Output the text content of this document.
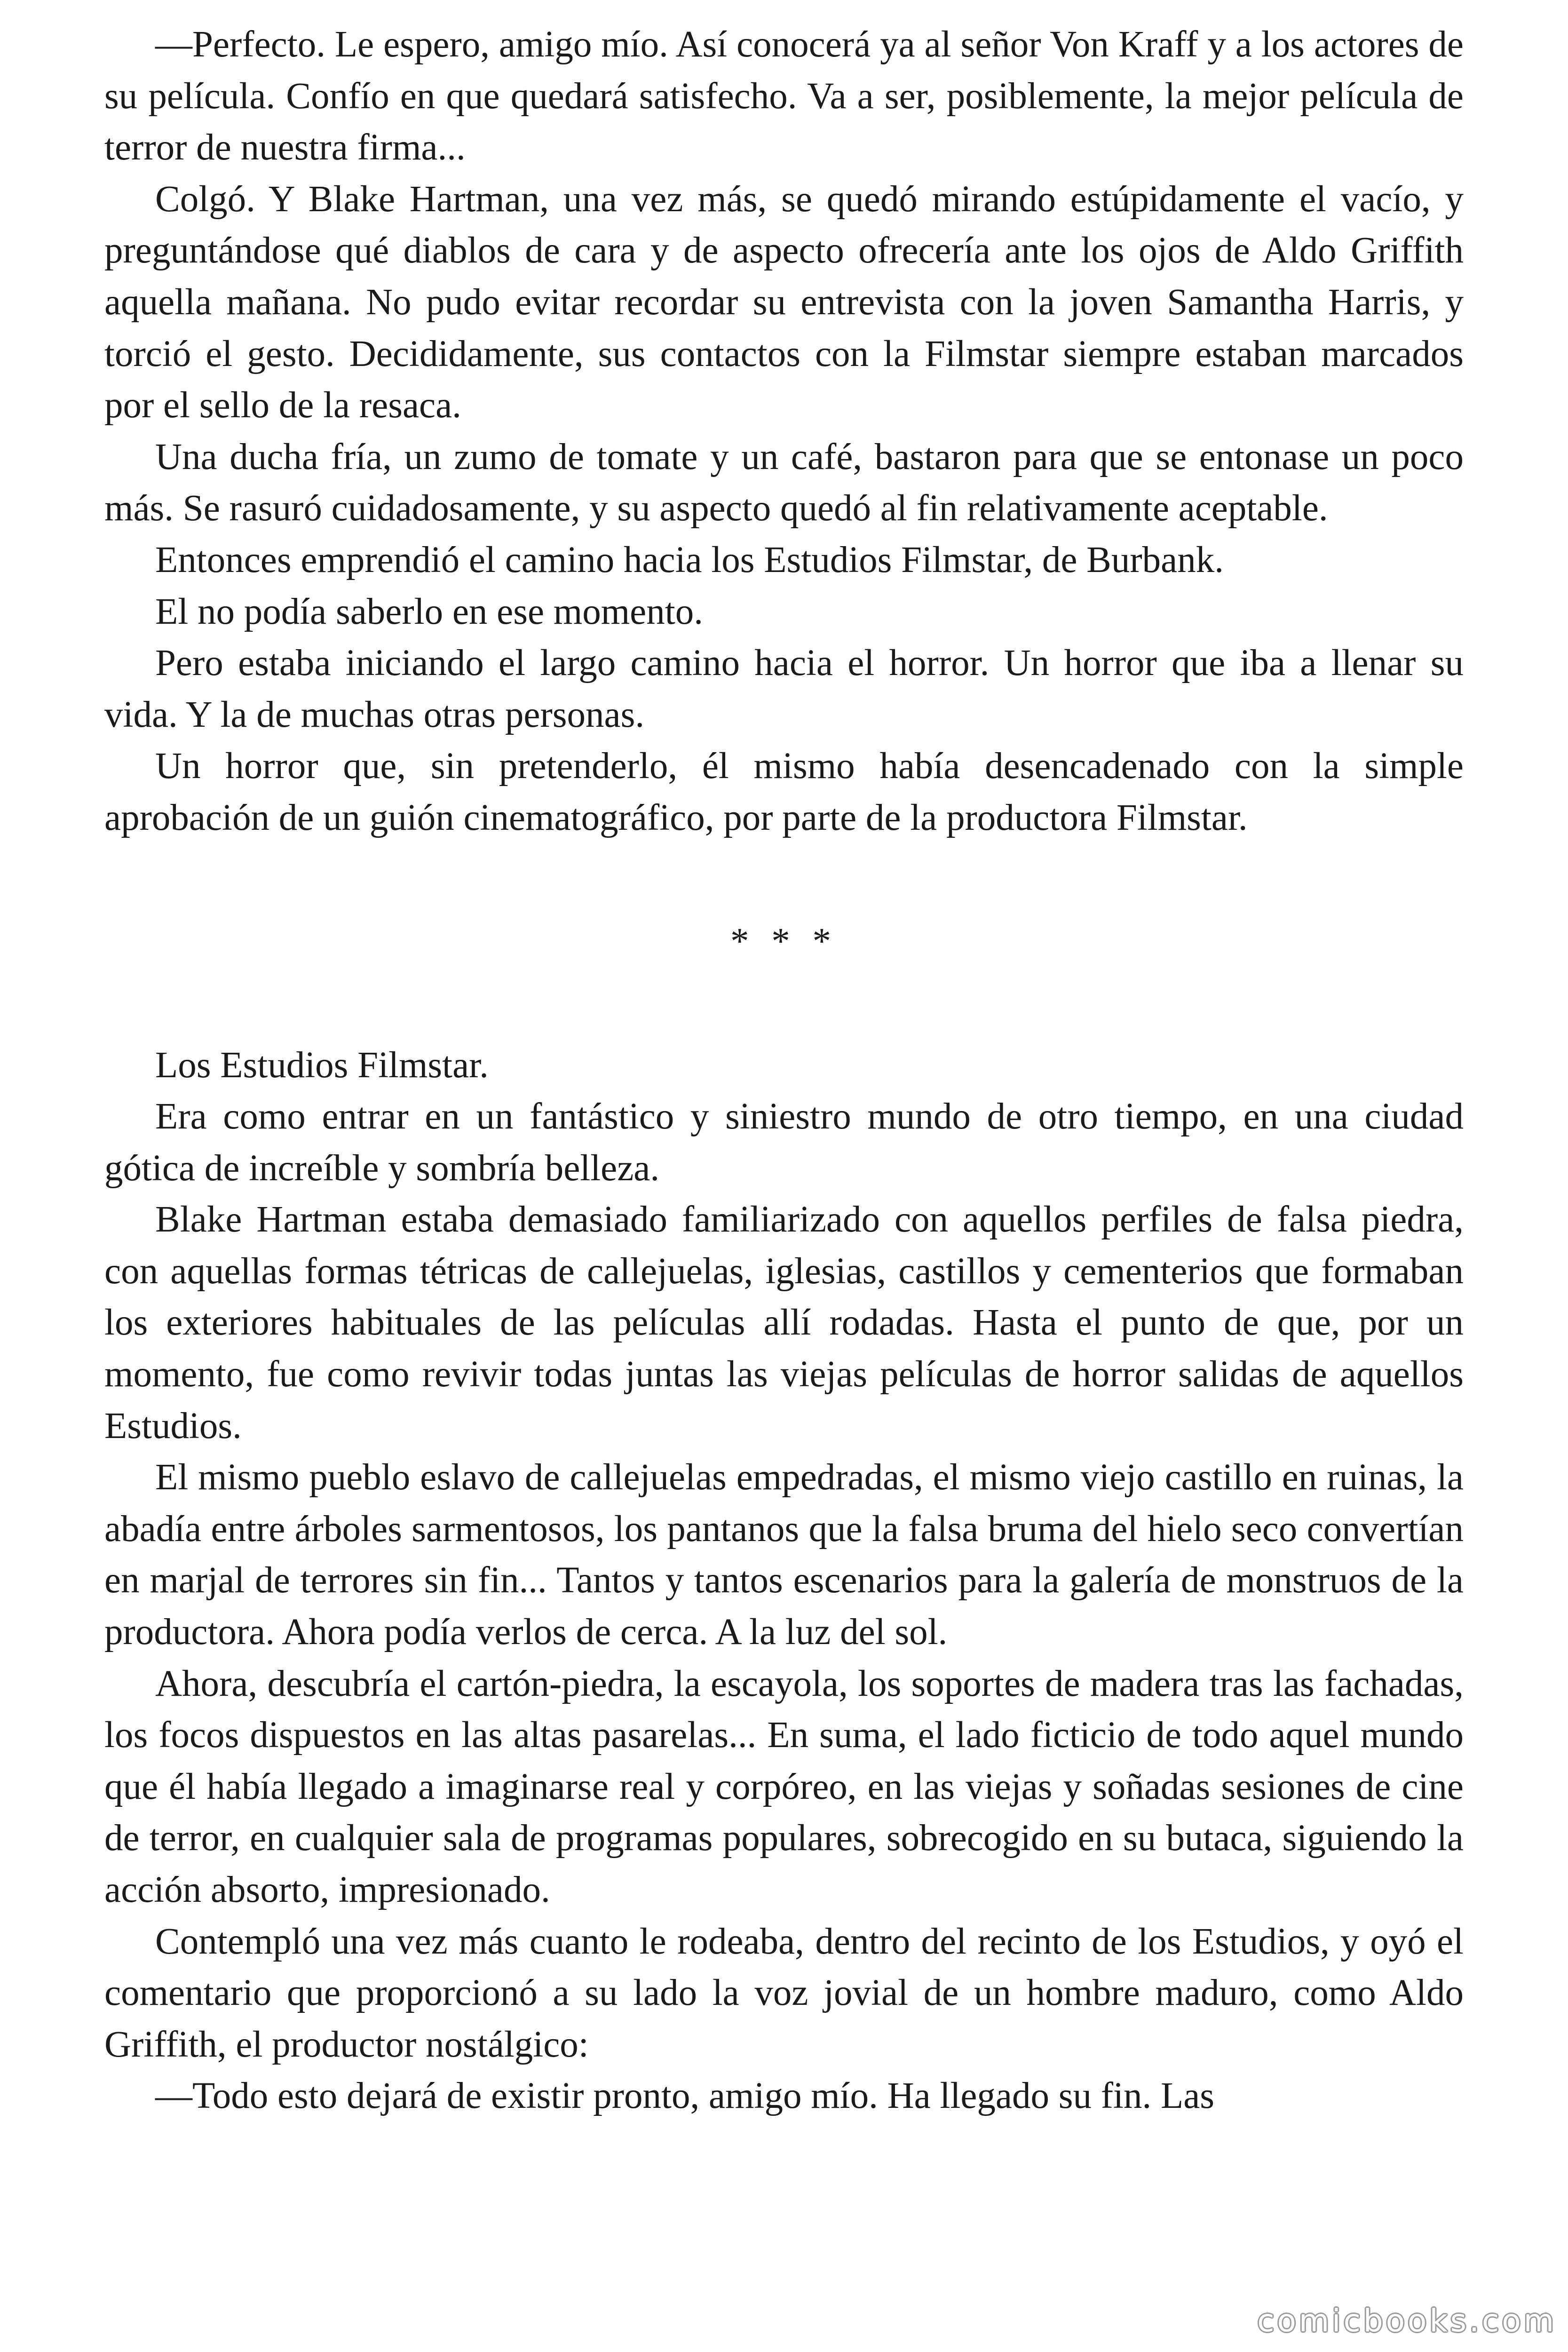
—Perfecto. Le espero, amigo mío. Así conocerá ya al señor Von Kraff y a los actores de su película. Confío en que quedará satisfecho. Va a ser, posiblemente, la mejor película de terror de nuestra firma...

Colgó. Y Blake Hartman, una vez más, se quedó mirando estúpidamente el vacío, y preguntándose qué diablos de cara y de aspecto ofrecería ante los ojos de Aldo Griffith aquella mañana. No pudo evitar recordar su entrevista con la joven Samantha Harris, y torció el gesto. Decididamente, sus contactos con la Filmstar siempre estaban marcados por el sello de la resaca.

Una ducha fría, un zumo de tomate y un café, bastaron para que se entonase un poco más. Se rasuró cuidadosamente, y su aspecto quedó al fin relativamente aceptable.

Entonces emprendió el camino hacia los Estudios Filmstar, de Burbank.

El no podía saberlo en ese momento.

Pero estaba iniciando el largo camino hacia el horror. Un horror que iba a llenar su vida. Y la de muchas otras personas.

Un horror que, sin pretenderlo, él mismo había desencadenado con la simple aprobación de un guión cinematográfico, por parte de la productora Filmstar.

* * *

Los Estudios Filmstar.

Era como entrar en un fantástico y siniestro mundo de otro tiempo, en una ciudad gótica de increíble y sombría belleza.

Blake Hartman estaba demasiado familiarizado con aquellos perfiles de falsa piedra, con aquellas formas tétricas de callejuelas, iglesias, castillos y cementerios que formaban los exteriores habituales de las películas allí rodadas. Hasta el punto de que, por un momento, fue como revivir todas juntas las viejas películas de horror salidas de aquellos Estudios.

El mismo pueblo eslavo de callejuelas empedradas, el mismo viejo castillo en ruinas, la abadía entre árboles sarmentosos, los pantanos que la falsa bruma del hielo seco convertían en marjal de terrores sin fin... Tantos y tantos escenarios para la galería de monstruos de la productora. Ahora podía verlos de cerca. A la luz del sol.

Ahora, descubría el cartón-piedra, la escayola, los soportes de madera tras las fachadas, los focos dispuestos en las altas pasarelas... En suma, el lado ficticio de todo aquel mundo que él había llegado a imaginarse real y corpóreo, en las viejas y soñadas sesiones de cine de terror, en cualquier sala de programas populares, sobrecogido en su butaca, siguiendo la acción absorto, impresionado.

Contempló una vez más cuanto le rodeaba, dentro del recinto de los Estudios, y oyó el comentario que proporcionó a su lado la voz jovial de un hombre maduro, como Aldo Griffith, el productor nostálgico:

—Todo esto dejará de existir pronto, amigo mío. Ha llegado su fin. Las

comicbooks.com
